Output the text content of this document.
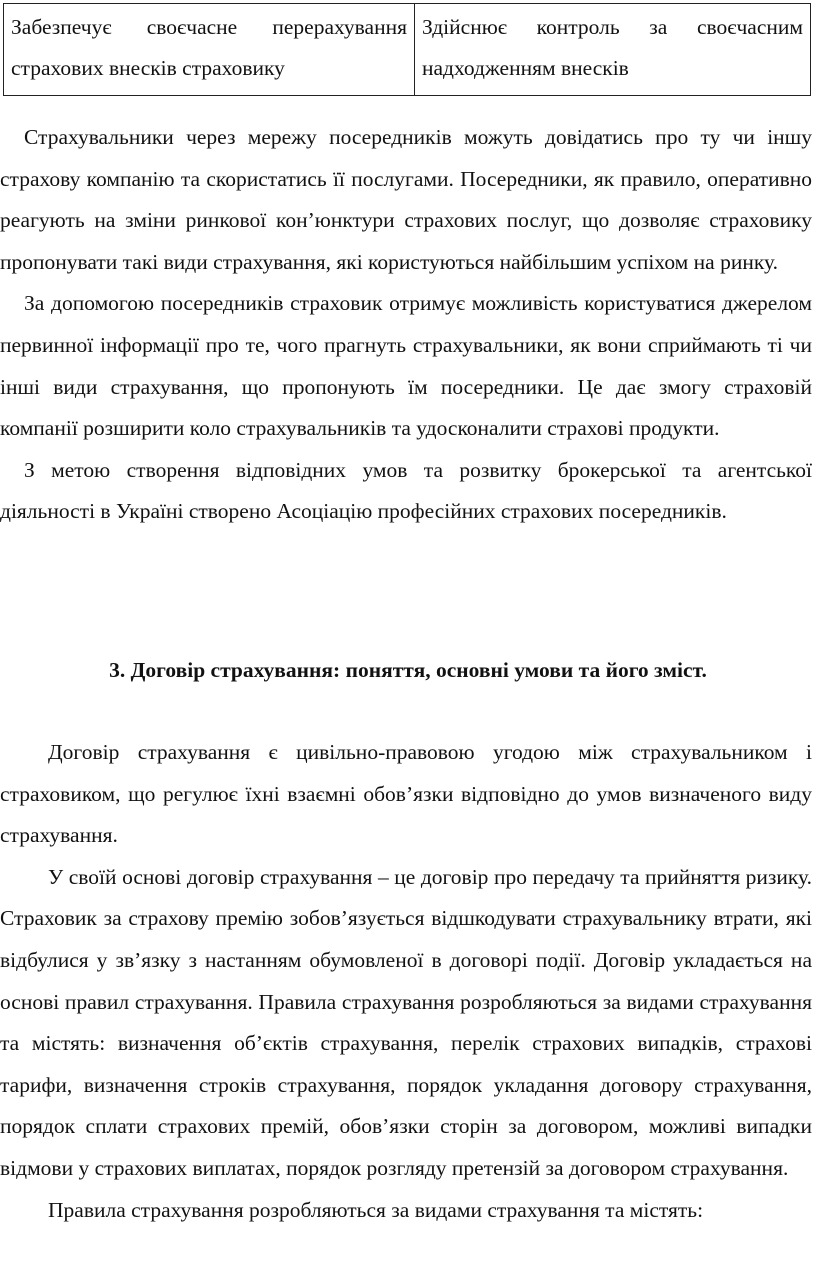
Забезпечує своєчасне перерахування страхових внесків страховику	Здійснює контроль за своєчасним надходженням внесків

Страхувальники через мережу посередників можуть довідатись про ту чи іншу страхову компанію та скористатись її послугами. Посередники, як правило, оперативно реагують на зміни ринкової кон’юнктури страхових послуг, що дозволяє страховику пропонувати такі види страхування, які користуються найбільшим успіхом на ринку.

За допомогою посередників страховик отримує можливість користуватися джерелом первинної інформації про те, чого прагнуть страхувальники, як вони сприймають ті чи інші види страхування, що пропонують їм посередники. Це дає змогу страховій компанії розширити коло страхувальників та удосконалити страхові продукти.

З метою створення відповідних умов та розвитку брокерської та агентської діяльності в Україні створено Асоціацію професійних страхових посередників.

3. Договір страхування: поняття, основні умови та його зміст.

Договір страхування є цивільно-правовою угодою між страхувальником і страховиком, що регулює їхні взаємні обов’язки відповідно до умов визначеного виду страхування.

У своїй основі договір страхування – це договір про передачу та прийняття ризику. Страховик за страхову премію зобов’язується відшкодувати страхувальнику втрати, які відбулися у зв’язку з настанням обумовленої в договорі події. Договір укладається на основі правил страхування. Правила страхування розробляються за видами страхування та містять: визначення об’єктів страхування, перелік страхових випадків, страхові тарифи, визначення строків страхування, порядок укладання договору страхування, порядок сплати страхових премій, обов’язки сторін за договором, можливі випадки відмови у страхових виплатах, порядок розгляду претензій за договором страхування.

Правила страхування розробляються за видами страхування та містять:
